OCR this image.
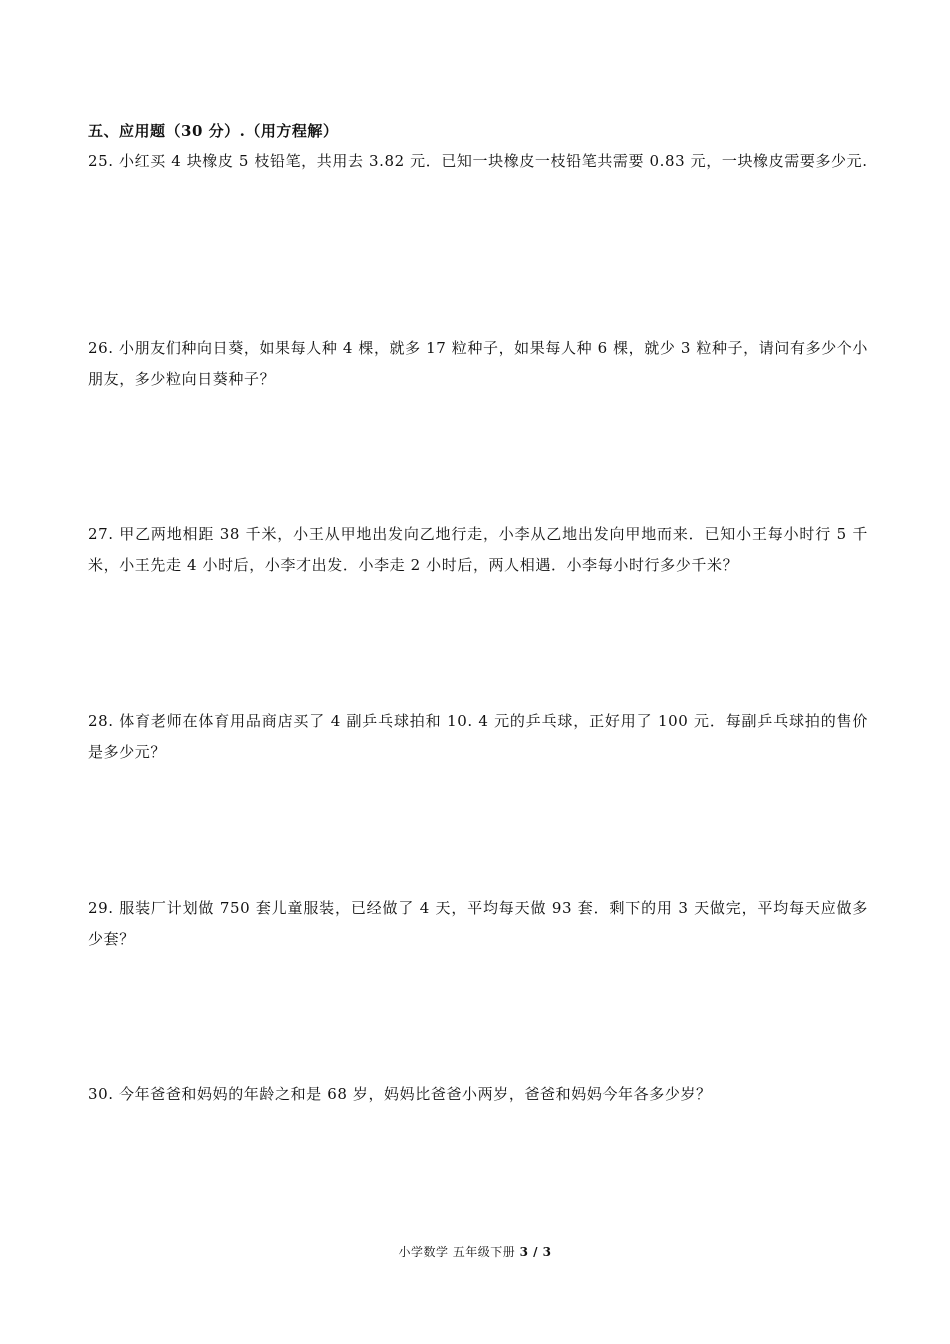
五、应用题（30 分）.（用方程解）

25. 小红买 4 块橡皮 5 枝铅笔，共用去 3.82 元．已知一块橡皮一枝铅笔共需要 0.83 元，一块橡皮需要多少元.

26. 小朋友们种向日葵，如果每人种 4 棵，就多 17 粒种子，如果每人种 6 棵，就少 3 粒种子，请问有多少个小朋友，多少粒向日葵种子？

27. 甲乙两地相距 38 千米，小王从甲地出发向乙地行走，小李从乙地出发向甲地而来．已知小王每小时行 5 千米，小王先走 4 小时后，小李才出发．小李走 2 小时后，两人相遇．小李每小时行多少千米？

28. 体育老师在体育用品商店买了 4 副乒乓球拍和 10. 4 元的乒乓球，正好用了 100 元．每副乒乓球拍的售价是多少元？

29. 服装厂计划做 750 套儿童服装，已经做了 4 天，平均每天做 93 套．剩下的用 3 天做完，平均每天应做多少套？

30. 今年爸爸和妈妈的年龄之和是 68 岁，妈妈比爸爸小两岁，爸爸和妈妈今年各多少岁？

小学数学 五年级下册 3 / 3
